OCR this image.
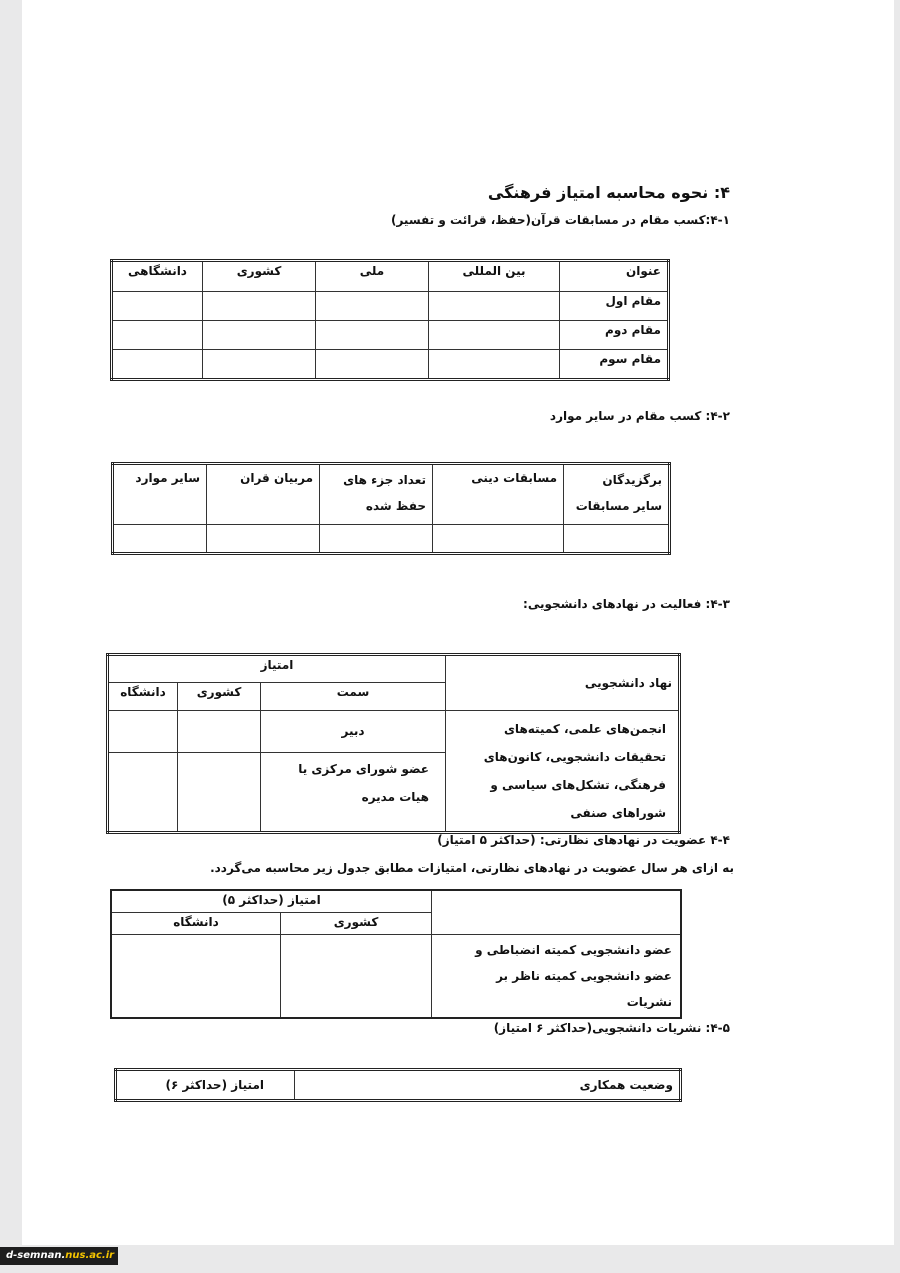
۴: نحوه محاسبه امتیاز فرهنگی
۴-۱:کسب مقام در مسابقات قرآن(حفظ، قرائت و تفسیر)
عنوان	بین المللی	ملی	کشوری	دانشگاهی
مقام اول				
مقام دوم				
مقام سوم				
۴-۲: کسب مقام در سایر موارد
برگزیدگان سایر مسابقات	مسابقات دینی	تعداد جزء های حفظ شده	مربیان قران	سایر موارد

۴-۳: فعالیت در نهادهای دانشجویی:
نهاد دانشجویی	امتیاز		
	سمت	کشوری	دانشگاه
انجمن‌های علمی، کمیته‌های تحقیقات دانشجویی، کانون‌های فرهنگی، تشکل‌های سیاسی و شوراهای صنفی	دبیر		
	عضو شورای مرکزی یا هیات مدیره		
۴-۴ عضویت در نهادهای نظارتی: (حداکثر ۵ امتیاز)
به ازای هر سال عضویت در نهادهای نظارتی، امتیازات مطابق جدول زیر محاسبه می‌گردد.
	امتیاز (حداکثر ۵)	
	کشوری	دانشگاه
عضو دانشجویی کمیته انضباطی و عضو دانشجویی کمیته ناظر بر نشریات		
۴-۵: نشریات دانشجویی(حداکثر ۶ امتیاز)
وضعیت همکاری	امتیاز (حداکثر ۶)
d-semnan.nus.ac.ir
